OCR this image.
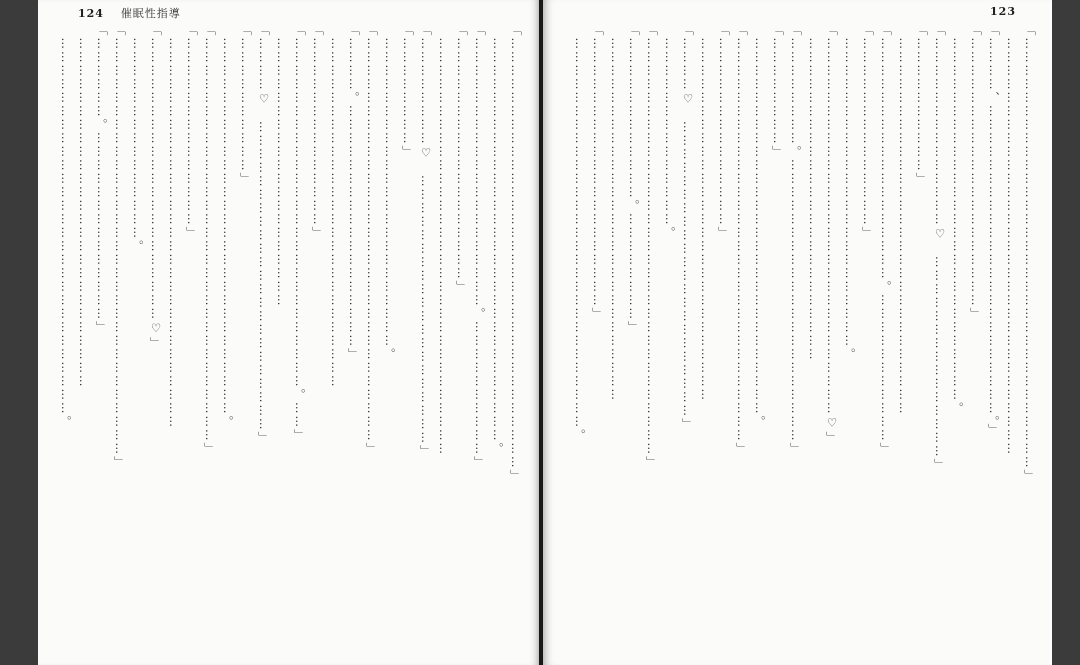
124 催眠性指導
「……………………………………………………………………………………」
　………………………………………………………………………………。
「……………………………………………………。…………………………」
「………………………………………………」
　…………………………………………………………………………………
「……………………♡　……………………………………………………」
「……………………」
　……………………………………………………………。
「………………………………………………………………………………」
「…………。………………………………………………」
　……………………………………………………………………
「……………………………………」
「……………………………………………………………………。……」
　……………………………………………………
「…………♡　……………………………………………………………」
「…………………………」
　…………………………………………………………………………。
「………………………………………………………………………………」
「……………………………………」
　……………………………………………………………………………
「………………………………………………………♡」
　………………………………………。
「…………………………………………………………………………………」
「………………。……………………………………」
　……………………………………………………………………
　…………………………………………………………………………。
123
「……………………………………………………………………………………」
　…………………………………………………………………………………
「…………、……………………………………………………………。」
「……………………………………………………」
　………………………………………………………………………。
「……………………………………♡　………………………………………」
「…………………………」
　…………………………………………………………………………
「………………………………………………。……………………………」
「……………………………………」
　……………………………………………………………。
「…………………………………………………………………………♡」
　………………………………………………………………
「……………………。………………………………………………………」
「……………………」
　…………………………………………………………………………。
「………………………………………………………………………………」
「……………………………………」
　………………………………………………………………………
「…………♡　…………………………………………………………」
　……………………………………。
「…………………………………………………………………………………」
「………………………………。……………………」
　………………………………………………………………………
「……………………………………………………」
　……………………………………………………………………………。
